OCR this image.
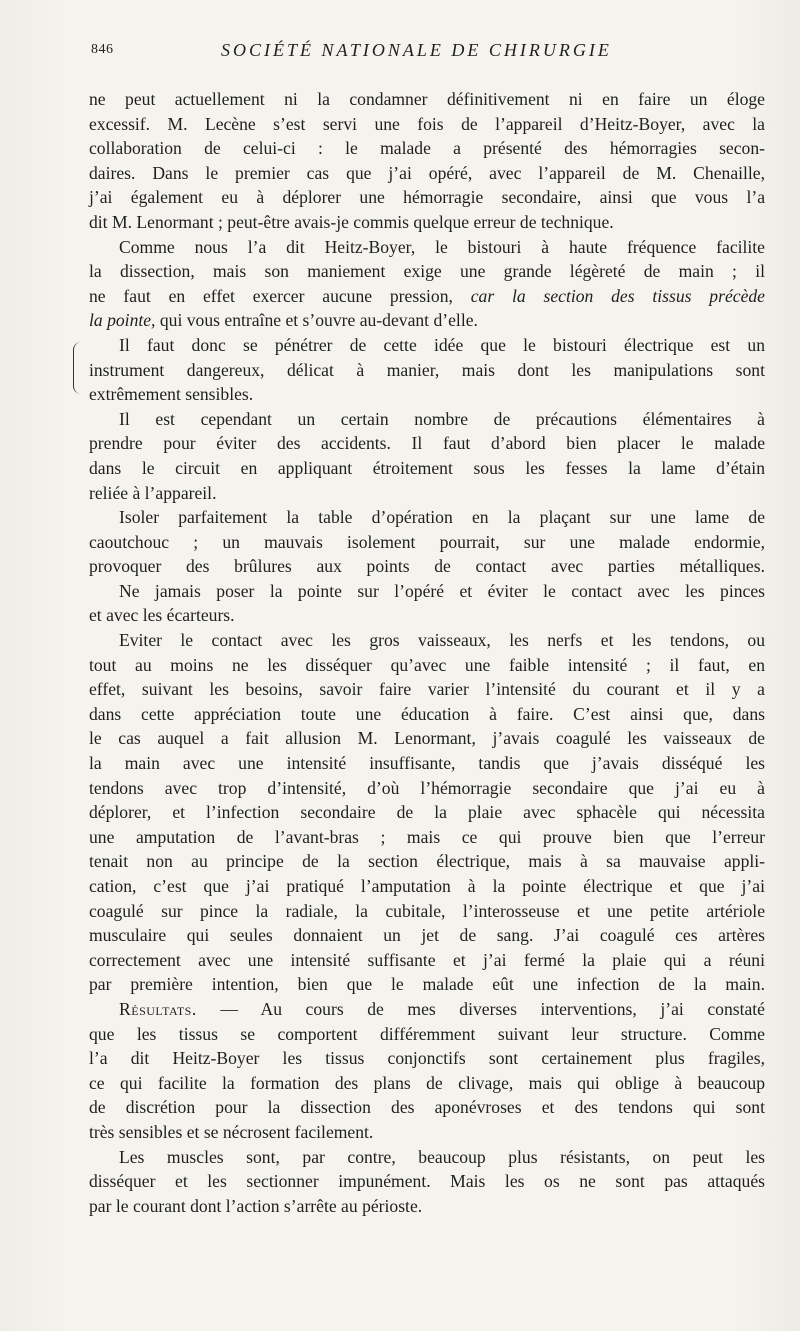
846	SOCIÉTÉ NATIONALE DE CHIRURGIE
ne peut actuellement ni la condamner définitivement ni en faire un éloge
excessif. M. Lecène s’est servi une fois de l’appareil d’Heitz-Boyer, avec la
collaboration de celui-ci : le malade a présenté des hémorragies secon-
daires. Dans le premier cas que j’ai opéré, avec l’appareil de M. Chenaille,
j’ai également eu à déplorer une hémorragie secondaire, ainsi que vous l’a
dit M. Lenormant ; peut-être avais-je commis quelque erreur de technique.
Comme nous l’a dit Heitz-Boyer, le bistouri à haute fréquence facilite
la dissection, mais son maniement exige une grande légèreté de main ; il
ne faut en effet exercer aucune pression, car la section des tissus précède
la pointe, qui vous entraîne et s’ouvre au-devant d’elle.
Il faut donc se pénétrer de cette idée que le bistouri électrique est un
instrument dangereux, délicat à manier, mais dont les manipulations sont
extrêmement sensibles.
Il est cependant un certain nombre de précautions élémentaires à
prendre pour éviter des accidents. Il faut d’abord bien placer le malade
dans le circuit en appliquant étroitement sous les fesses la lame d’étain
reliée à l’appareil.
Isoler parfaitement la table d’opération en la plaçant sur une lame de
caoutchouc ; un mauvais isolement pourrait, sur une malade endormie,
provoquer des brûlures aux points de contact avec parties métalliques.
Ne jamais poser la pointe sur l’opéré et éviter le contact avec les pinces
et avec les écarteurs.
Eviter le contact avec les gros vaisseaux, les nerfs et les tendons, ou
tout au moins ne les disséquer qu’avec une faible intensité ; il faut, en
effet, suivant les besoins, savoir faire varier l’intensité du courant et il y a
dans cette appréciation toute une éducation à faire. C’est ainsi que, dans
le cas auquel a fait allusion M. Lenormant, j’avais coagulé les vaisseaux de
la main avec une intensité insuffisante, tandis que j’avais disséqué les
tendons avec trop d’intensité, d’où l’hémorragie secondaire que j’ai eu à
déplorer, et l’infection secondaire de la plaie avec sphacèle qui nécessita
une amputation de l’avant-bras ; mais ce qui prouve bien que l’erreur
tenait non au principe de la section électrique, mais à sa mauvaise appli-
cation, c’est que j’ai pratiqué l’amputation à la pointe électrique et que j’ai
coagulé sur pince la radiale, la cubitale, l’interosseuse et une petite artériole
musculaire qui seules donnaient un jet de sang. J’ai coagulé ces artères
correctement avec une intensité suffisante et j’ai fermé la plaie qui a réuni
par première intention, bien que le malade eût une infection de la main.
Résultats. — Au cours de mes diverses interventions, j’ai constaté
que les tissus se comportent différemment suivant leur structure. Comme
l’a dit Heitz-Boyer les tissus conjonctifs sont certainement plus fragiles,
ce qui facilite la formation des plans de clivage, mais qui oblige à beaucoup
de discrétion pour la dissection des aponévroses et des tendons qui sont
très sensibles et se nécrosent facilement.
Les muscles sont, par contre, beaucoup plus résistants, on peut les
disséquer et les sectionner impunément. Mais les os ne sont pas attaqués
par le courant dont l’action s’arrête au périoste.
